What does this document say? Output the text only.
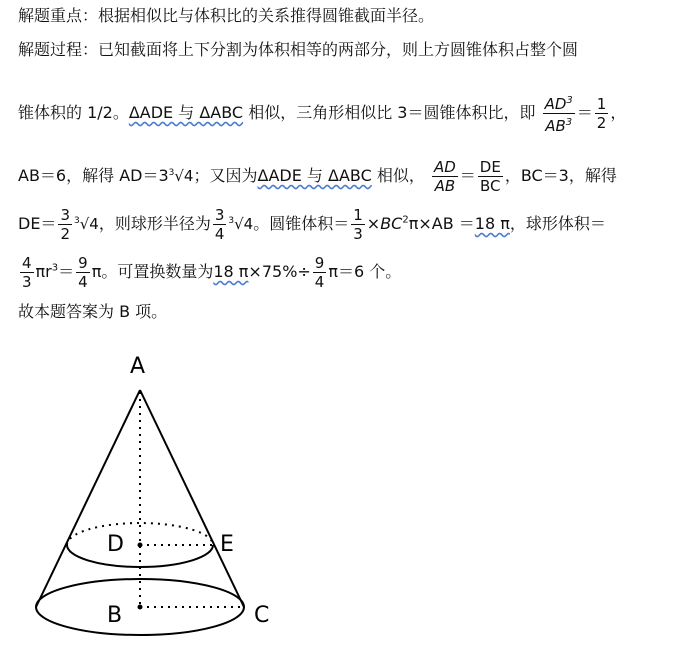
解题重点：根据相似比与体积比的关系推得圆锥截面半径。
解题过程：已知截面将上下分割为体积相等的两部分，则上方圆锥体积占整个圆
锥体积的 1/2。ΔADE 与 ΔABC 相似，三角形相似比 3＝圆锥体积比，即 $\frac{AD^3}{AB^3} = \frac{1}{2}$ ，
AB＝6，解得 $AD=3^3√4$；又因为ΔADE 与 ΔABC 相似， $\frac{AD}{AB} = \frac{DE}{BC}$ ，BC＝3，解得
$DE= \frac{3}{2} ^3√4$，则球形半径为 $\frac{3}{4} ^3√4$。圆锥体积＝ $\frac{1}{3} \times BC^2\pi\times AB =18$ π，球形体积＝
$\frac{4}{3} \pi r^3= \frac{9}{4}$ π。可置换数量为18 $\pi\times 75\%\div \frac{9}{4} \pi=6$ 个。
故本题答案为 B 项。
A
D	E
B	C
